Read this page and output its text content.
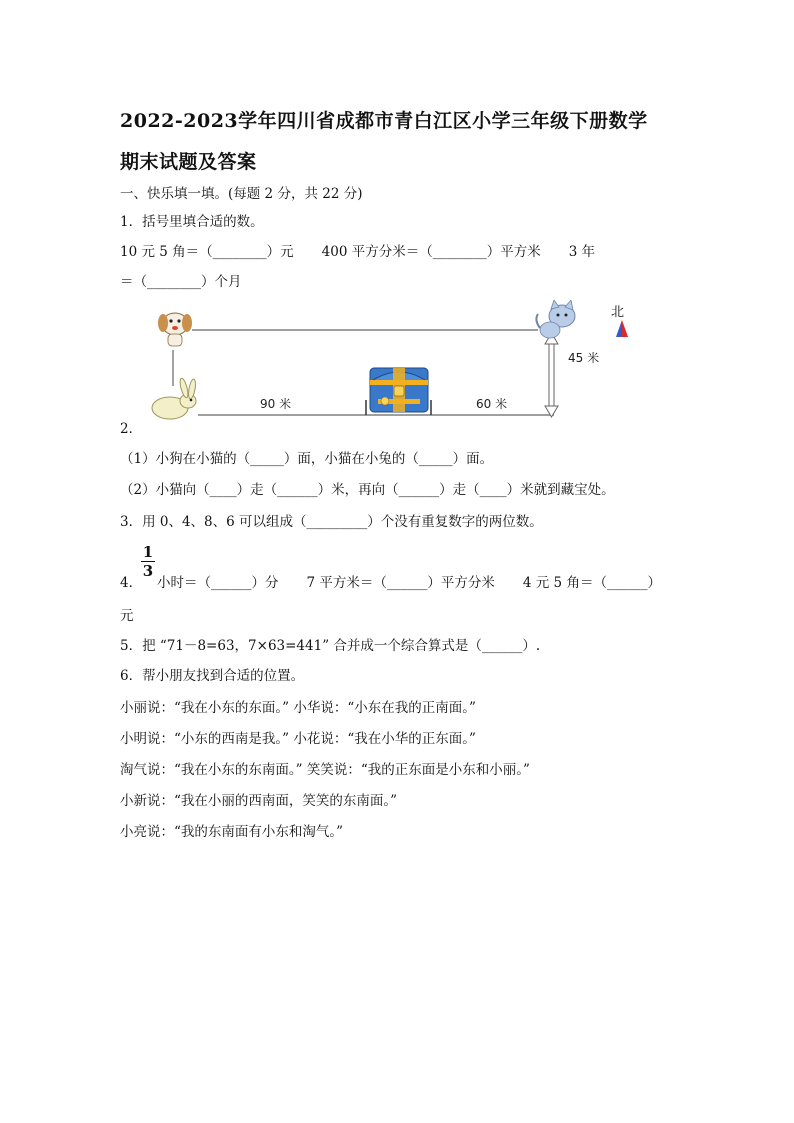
2022-2023学年四川省成都市青白江区小学三年级下册数学
期末试题及答案
一、快乐填一填。(每题 2 分，共 22 分)
1．括号里填合适的数。
10 元 5 角＝（________）元 400 平方分米＝（________）平方米 3 年
＝（________）个月
北
90 米	60 米
45 米
2．
（1）小狗在小猫的（_____）面，小猫在小兔的（_____）面。
（2）小猫向（____）走（______）米，再向（______）走（____）米就到藏宝处。
3．用 0、4、8、6 可以组成（_________）个没有重复数字的两位数。
1
3
4． 小时＝（______）分 7 平方米＝（______）平方分米 4 元 5 角＝（______）
元
5．把 “71－8=63，7×63=441” 合并成一个综合算式是（______）.
6．帮小朋友找到合适的位置。
小丽说：“我在小东的东面。” 小华说：“小东在我的正南面。”
小明说：“小东的西南是我。” 小花说：“我在小华的正东面。”
淘气说：“我在小东的东南面。” 笑笑说：“我的正东面是小东和小丽。”
小新说：“我在小丽的西南面，笑笑的东南面。”
小亮说：“我的东南面有小东和淘气。”
